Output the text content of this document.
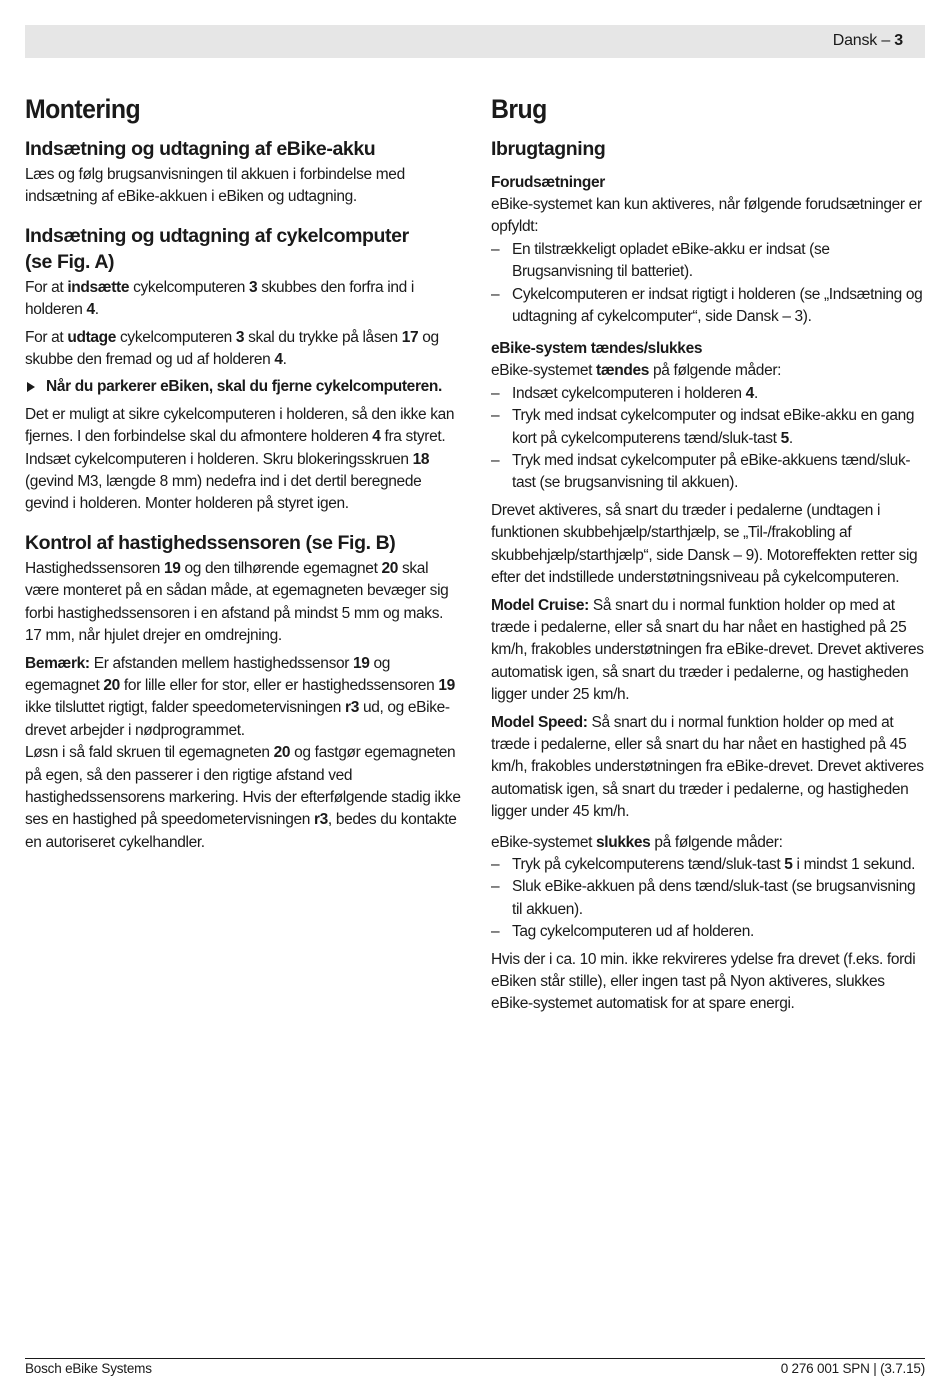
Dansk – 3
Montering
Indsætning og udtagning af eBike-akku

Læs og følg brugsanvisningen til akkuen i forbindelse med indsætning af eBike-akkuen i eBiken og udtagning.

Indsætning og udtagning af cykelcomputer
(se Fig. A)

For at indsætte cykelcomputeren 3 skubbes den forfra ind i holderen 4.

For at udtage cykelcomputeren 3 skal du trykke på låsen 17 og skubbe den fremad og ud af holderen 4.

Når du parkerer eBiken, skal du fjerne cykelcomputeren.

Det er muligt at sikre cykelcomputeren i holderen, så den ikke kan fjernes. I den forbindelse skal du afmontere holderen 4 fra styret. Indsæt cykelcomputeren i holderen. Skru blokeringsskruen 18 (gevind M3, længde 8 mm) nedefra ind i det dertil beregnede gevind i holderen. Monter holderen på styret igen.

Kontrol af hastighedssensoren (se Fig. B)

Hastighedssensoren 19 og den tilhørende egemagnet 20 skal være monteret på en sådan måde, at egemagneten bevæger sig forbi hastighedssensoren i en afstand på mindst 5 mm og maks. 17 mm, når hjulet drejer en omdrejning.

Bemærk: Er afstanden mellem hastighedssensor 19 og egemagnet 20 for lille eller for stor, eller er hastighedssensoren 19 ikke tilsluttet rigtigt, falder speedometervisningen r3 ud, og eBike-drevet arbejder i nødprogrammet.

Løsn i så fald skruen til egemagneten 20 og fastgør egemagneten på egen, så den passerer i den rigtige afstand ved hastighedssensorens markering. Hvis der efterfølgende stadig ikke ses en hastighed på speedometervisningen r3, bedes du kontakte en autoriseret cykelhandler.

Brug
Ibrugtagning
Forudsætninger

eBike-systemet kan kun aktiveres, når følgende forudsætninger er opfyldt:

– En tilstrækkeligt opladet eBike-akku er indsat (se Brugsanvisning til batteriet).
– Cykelcomputeren er indsat rigtigt i holderen (se „Indsætning og udtagning af cykelcomputer“, side Dansk – 3).
eBike-system tændes/slukkes

eBike-systemet tændes på følgende måder:

– Indsæt cykelcomputeren i holderen 4.
– Tryk med indsat cykelcomputer og indsat eBike-akku en gang kort på cykelcomputerens tænd/sluk-tast 5.
– Tryk med indsat cykelcomputer på eBike-akkuens tænd/sluk-tast (se brugsanvisning til akkuen).

Drevet aktiveres, så snart du træder i pedalerne (undtagen i funktionen skubbehjælp/starthjælp, se „Til-/frakobling af skubbehjælp/starthjælp“, side Dansk – 9). Motoreffekten retter sig efter det indstillede understøtningsniveau på cykelcomputeren.

Model Cruise: Så snart du i normal funktion holder op med at træde i pedalerne, eller så snart du har nået en hastighed på 25 km/h, frakobles understøtningen fra eBike-drevet. Drevet aktiveres automatisk igen, så snart du træder i pedalerne, og hastigheden ligger under 25 km/h.

Model Speed: Så snart du i normal funktion holder op med at træde i pedalerne, eller så snart du har nået en hastighed på 45 km/h, frakobles understøtningen fra eBike-drevet. Drevet aktiveres automatisk igen, så snart du træder i pedalerne, og hastigheden ligger under 45 km/h.

eBike-systemet slukkes på følgende måder:

– Tryk på cykelcomputerens tænd/sluk-tast 5 i mindst 1 sekund.
– Sluk eBike-akkuen på dens tænd/sluk-tast (se brugsanvisning til akkuen).
– Tag cykelcomputeren ud af holderen.

Hvis der i ca. 10 min. ikke rekvireres ydelse fra drevet (f.eks. fordi eBiken står stille), eller ingen tast på Nyon aktiveres, slukkes eBike-systemet automatisk for at spare energi.

Bosch eBike Systems	0 276 001 SPN | (3.7.15)
